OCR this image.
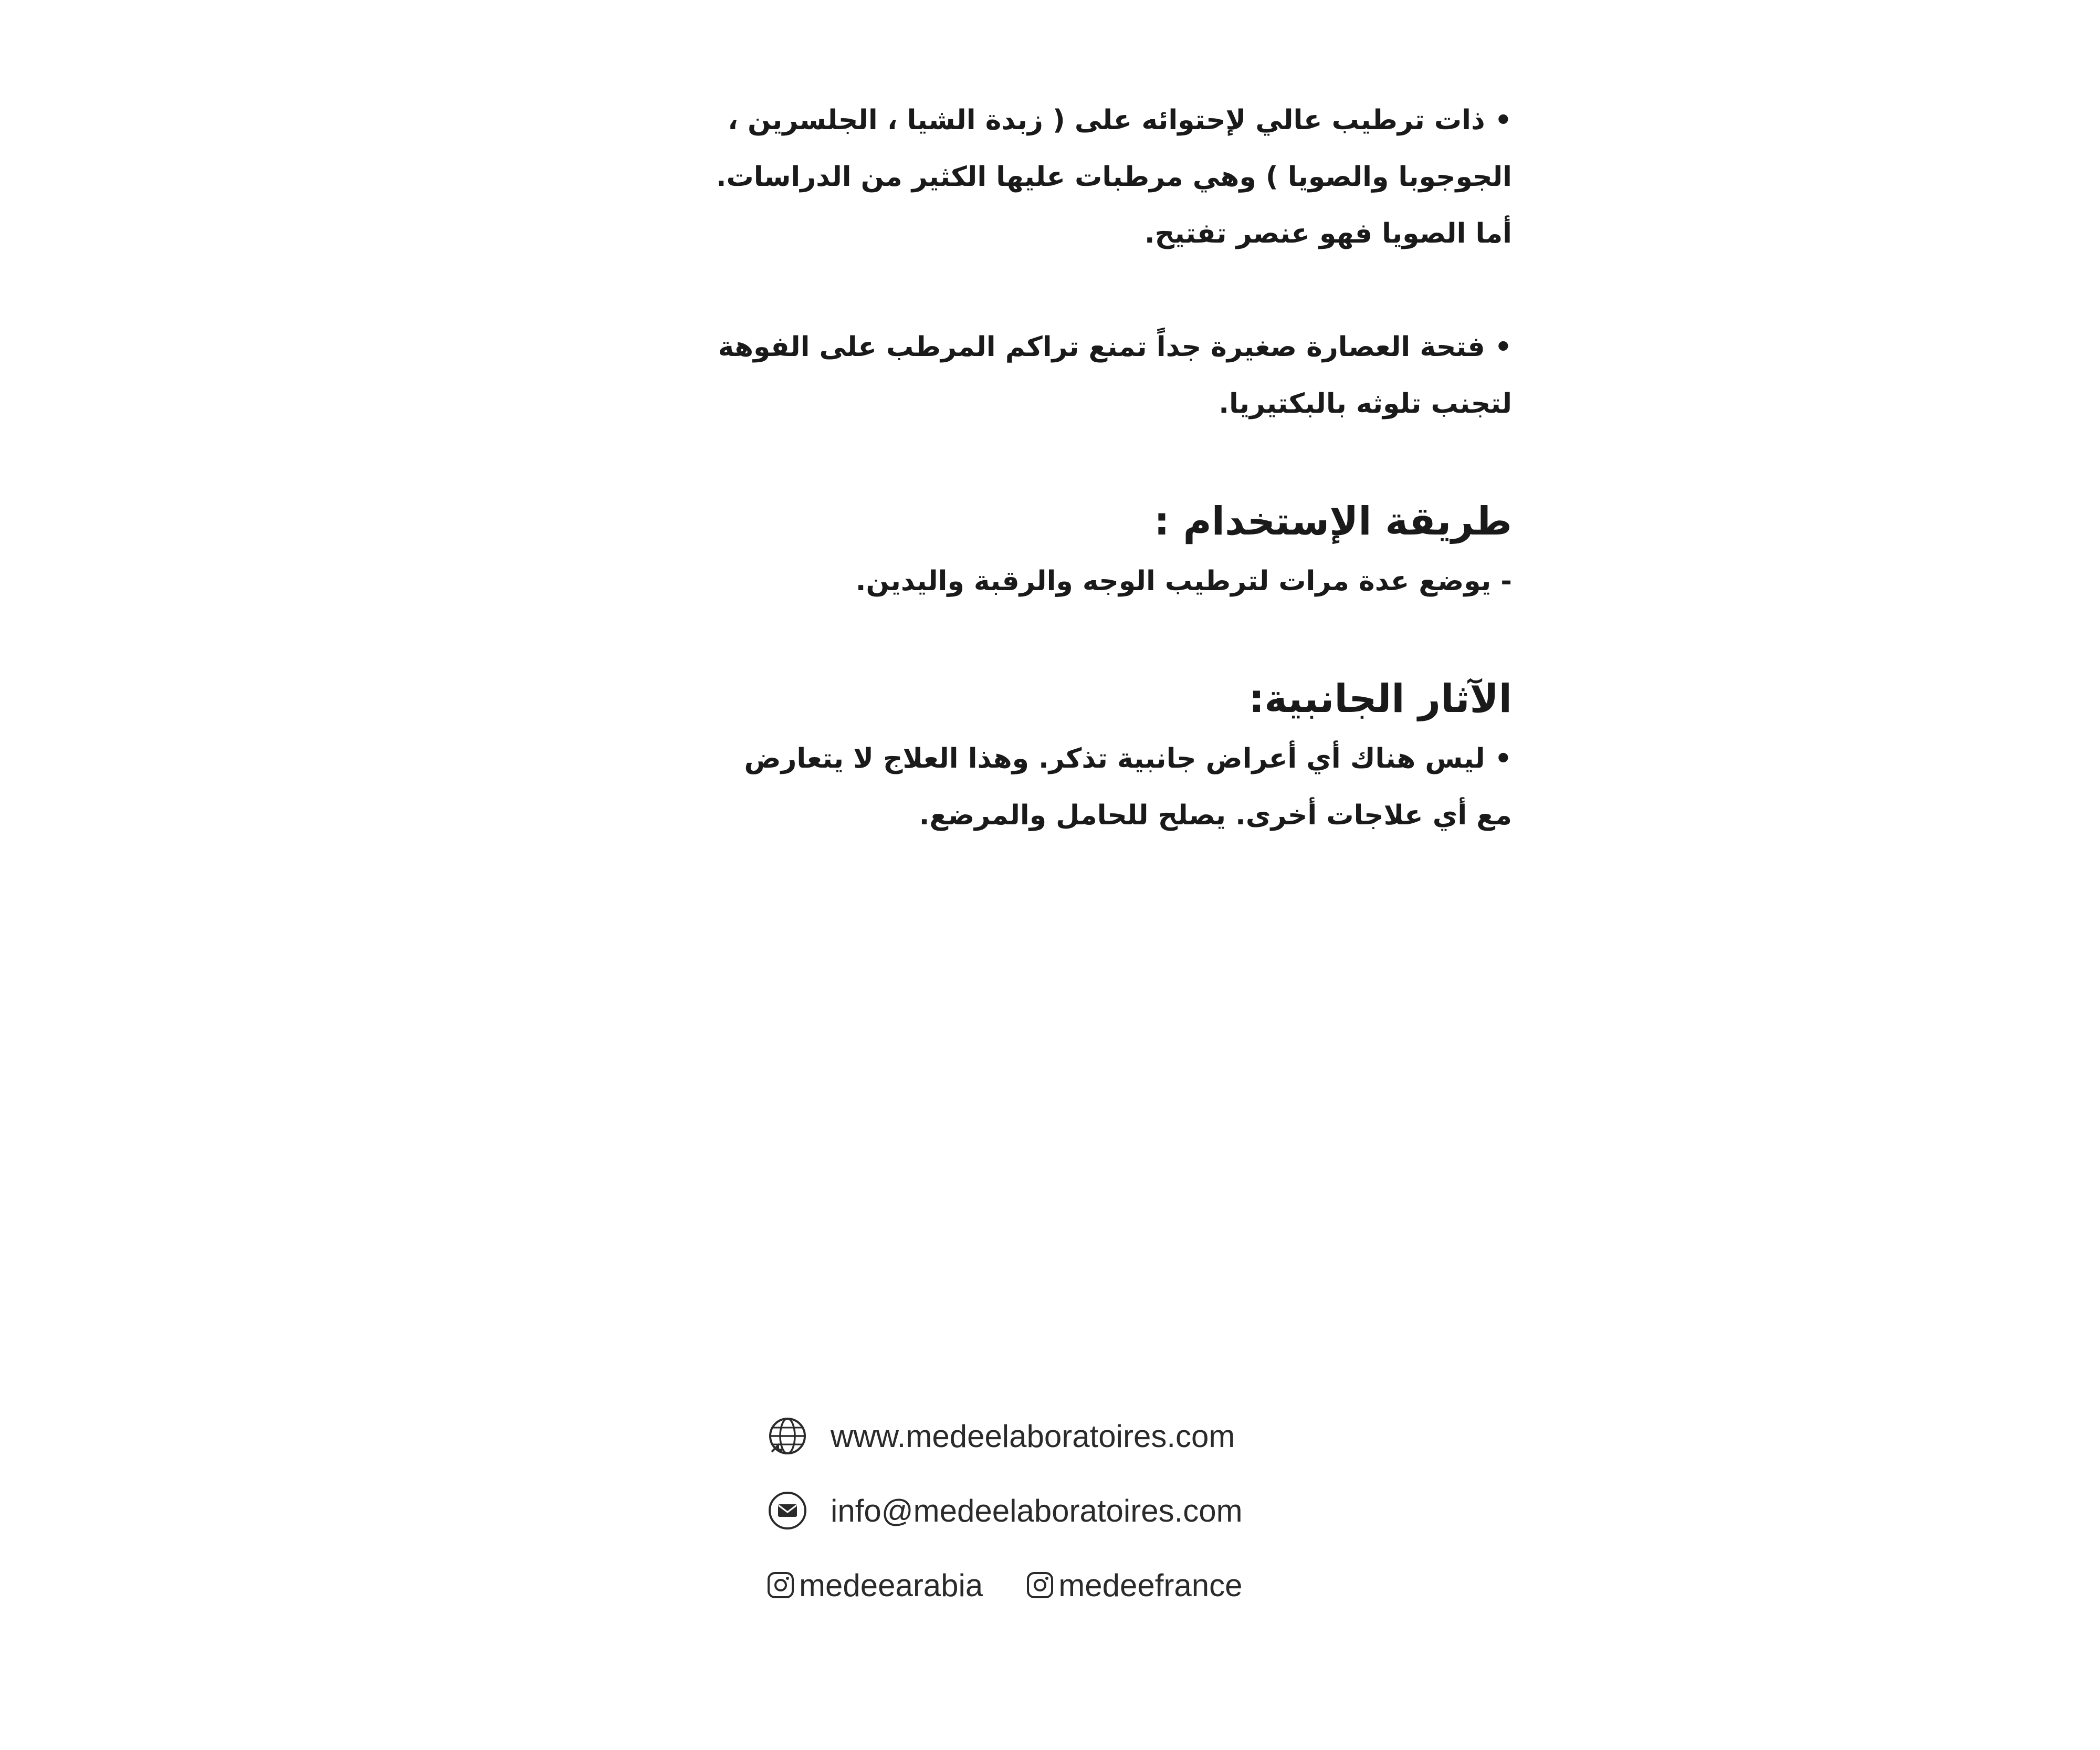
• ذات ترطيب عالي لإحتوائه على ( زبدة الشيا ، الجلسرين ،
الجوجوبا والصويا ) وهي مرطبات عليها الكثير من الدراسات.
أما الصويا فهو عنصر تفتيح.

• فتحة العصارة صغيرة جداً تمنع تراكم المرطب على الفوهة
لتجنب تلوثه بالبكتيريا.

طريقة الإستخدام :

- يوضع عدة مرات لترطيب الوجه والرقبة واليدين.

الآثار الجانبية:

• ليس هناك أي أعراض جانبية تذكر. وهذا العلاج لا يتعارض
مع أي علاجات أخرى. يصلح للحامل والمرضع.

www.medeelaboratoires.com
info@medeelaboratoires.com
medeearabia medeefrance
